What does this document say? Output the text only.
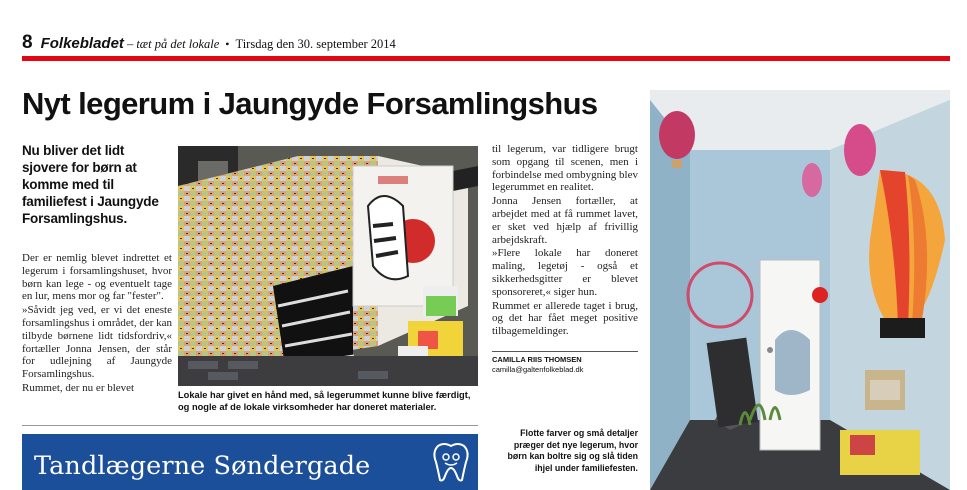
8 Folkebladet – tæt på det lokale • Tirsdag den 30. september 2014
Nyt legerum i Jaungyde Forsamlingshus
Nu bliver det lidt sjovere for børn at komme med til familiefest i Jaungyde Forsamlingshus.

Der er nemlig blevet indrettet et legerum i forsamlingshuset, hvor børn kan lege - og eventuelt tage en lur, mens mor og far "fester".

»Såvidt jeg ved, er vi det eneste forsamlingshus i området, der kan tilbyde børnene lidt tidsfordriv,« fortæller Jonna Jensen, der står for udlejning af Jaungyde Forsamlingshus.

Rummet, der nu er blevet

Lokale har givet en hånd med, så legerummet kunne blive færdigt, og nogle af de lokale virksomheder har doneret materialer.

til legerum, var tidligere brugt som opgang til scenen, men i forbindelse med ombygning blev legerummet en realitet.

Jonna Jensen fortæller, at arbejdet med at få rummet lavet, er sket ved hjælp af frivillig arbejdskraft.

»Flere lokale har doneret maling, legetøj - også et sikkerhedsgitter er blevet sponsoreret,« siger hun.

Rummet er allerede taget i brug, og det har fået meget positive tilbagemeldinger.

CAMILLA RIIS THOMSEN
camilla@galtenfolkeblad.dk
Flotte farver og små detaljer præger det nye legerum, hvor børn kan boltre sig og slå tiden ihjel under familiefesten.
Tandlægerne Søndergade
